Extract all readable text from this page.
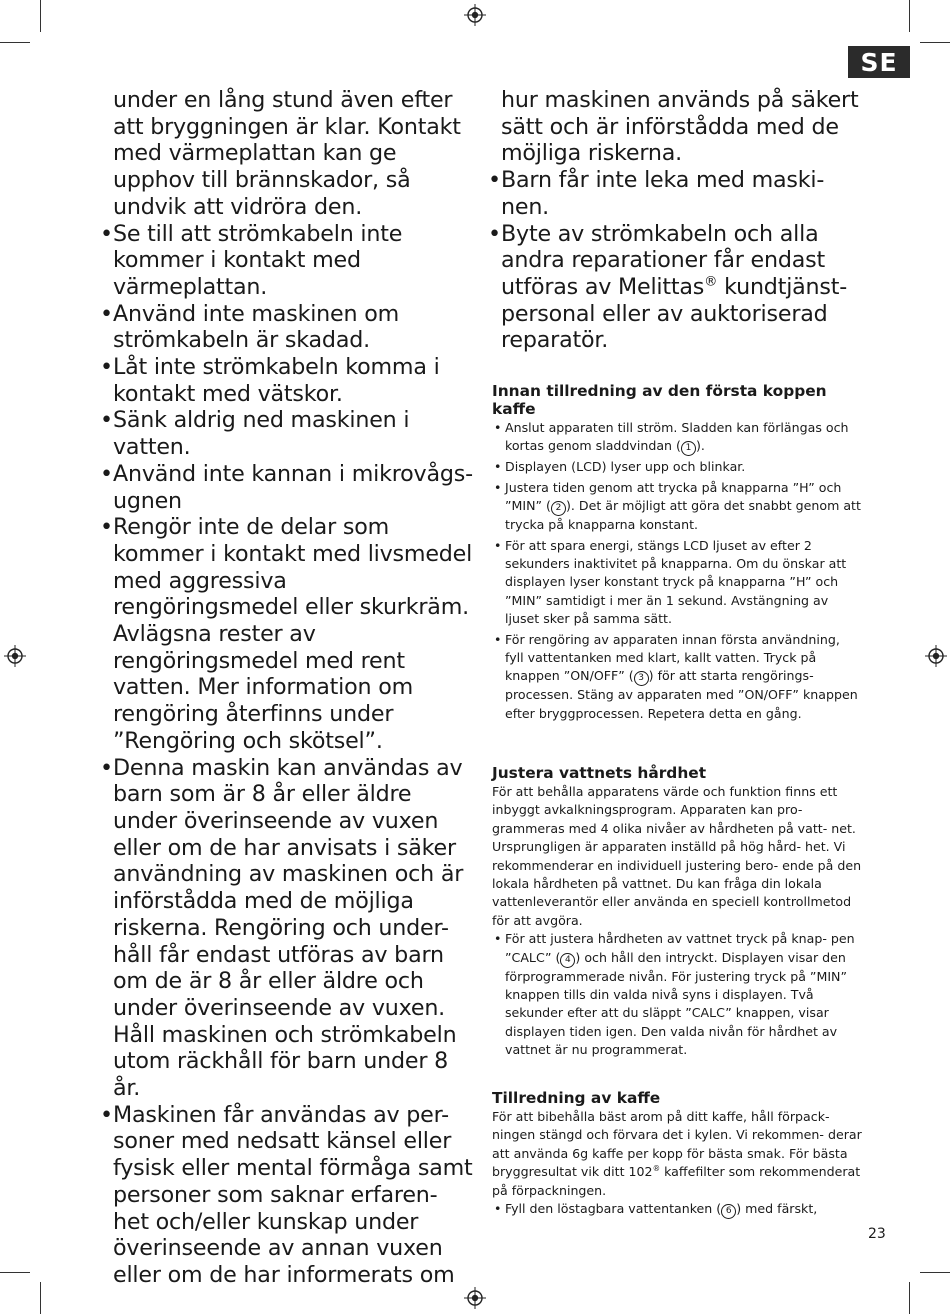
SE

under en lång stund även efter att bryggningen är klar. Kontakt med värmeplattan kan ge upphov till brännskador, så undvik att vidröra den.

• Se till att strömkabeln inte kommer i kontakt med värmeplattan.
• Använd inte maskinen om strömkabeln är skadad.
• Låt inte strömkabeln komma i kontakt med vätskor.
• Sänk aldrig ned maskinen i vatten.
• Använd inte kannan i mikrovågs- ugnen
• Rengör inte de delar som kommer i kontakt med livsmedel med aggressiva rengöringsmedel eller skurkräm. Avlägsna rester av rengöringsmedel med rent vatten. Mer information om rengöring återfinns under ”Rengöring och skötsel”.
• Denna maskin kan användas av barn som är 8 år eller äldre under överinseende av vuxen eller om de har anvisats i säker användning av maskinen och är införstådda med de möjliga riskerna. Rengöring och under- håll får endast utföras av barn om de är 8 år eller äldre och under överinseende av vuxen. Håll maskinen och strömkabeln utom räckhåll för barn under 8 år.
• Maskinen får användas av per- soner med nedsatt känsel eller fysisk eller mental förmåga samt personer som saknar erfaren- het och/eller kunskap under överinseende av annan vuxen eller om de har informerats om

hur maskinen används på säkert sätt och är införstådda med de möjliga riskerna.

• Barn får inte leka med maski- nen.
• Byte av strömkabeln och alla andra reparationer får endast utföras av Melittas® kundtjänst- personal eller av auktoriserad reparatör.
Innan tillredning av den första koppen kaffe
• Anslut apparaten till ström. Sladden kan förlängas och kortas genom sladdvindan ( 1 ).
• Displayen (LCD) lyser upp och blinkar.
• Justera tiden genom att trycka på knapparna ”H” och ”MIN” ( 2 ). Det är möjligt att göra det snabbt genom att trycka på knapparna konstant.
• För att spara energi, stängs LCD ljuset av efter 2 sekunders inaktivitet på knapparna. Om du önskar att displayen lyser konstant tryck på knapparna ”H” och ”MIN” samtidigt i mer än 1 sekund. Avstängning av ljuset sker på samma sätt.
• För rengöring av apparaten innan första användning, fyll vattentanken med klart, kallt vatten. Tryck på knappen ”ON/OFF” ( 3 ) för att starta rengörings- processen. Stäng av apparaten med ”ON/OFF” knappen efter bryggprocessen. Repetera detta en gång.
Justera vattnets hårdhet

För att behålla apparatens värde och funktion finns ett inbyggt avkalkningsprogram. Apparaten kan pro- grammeras med 4 olika nivåer av hårdheten på vatt- net. Ursprungligen är apparaten inställd på hög hård- het. Vi rekommenderar en individuell justering bero- ende på den lokala hårdheten på vattnet. Du kan fråga din lokala vattenleverantör eller använda en speciell kontrollmetod för att avgöra.

• För att justera hårdheten av vattnet tryck på knap- pen ”CALC” ( 4 ) och håll den intryckt. Displayen visar den förprogrammerade nivån. För justering tryck på ”MIN” knappen tills din valda nivå syns i displayen. Två sekunder efter att du släppt ”CALC” knappen, visar displayen tiden igen. Den valda nivån för hårdhet av vattnet är nu programmerat.
Tillredning av kaffe

För att bibehålla bäst arom på ditt kaffe, håll förpack- ningen stängd och förvara det i kylen. Vi rekommen- derar att använda 6g kaffe per kopp för bästa smak. För bästa bryggresultat vik ditt 102® kaffefilter som rekommenderat på förpackningen.

• Fyll den löstagbara vattentanken ( 6 ) med färskt,
23
